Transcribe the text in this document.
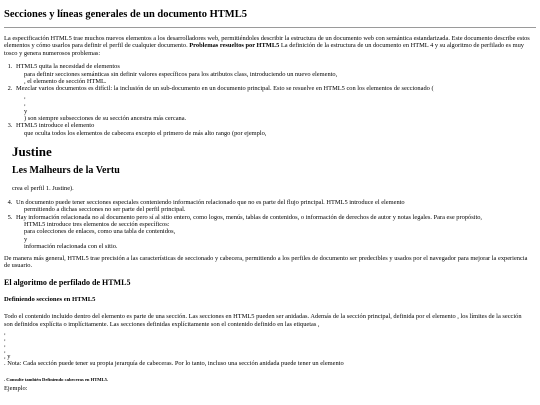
Secciones y líneas generales de un documento HTML5

La especificación HTML5 trae muchos nuevos elementos a los desarrolladores web, permitiéndoles describir la estructura de un documento web con semántica estandarizada. Este documento describe estos elementos y cómo usarlos para definir el perfil de cualquier documento. Problemas resueltos por HTML5 La definición de la estructura de un documento en HTML 4 y su algoritmo de perfilado es muy tosco y genera numerosos problemas:

1. HTML5 quita la necesidad de elementos
para definir secciones semánticas sin definir valores específicos para los atributos class, introduciendo un nuevo elemento,
, el elemento de sección HTML.
2. Mezclar varios documentos es difícil: la inclusión de un sub-documento en un documento principal. Esto se resuelve en HTML5 con los elementos de seccionado (
,
,
y
) son siempre subsecciones de su sección ancestra más cercana.
3. HTML5 introduce el elemento
que oculta todos los elementos de cabecera excepto el primero de más alto rango (por ejemplo,
Justine
Les Malheurs de la Vertu
crea el perfil 1. Justine).
4. Un documento puede tener secciones especiales conteniendo información relacionado que no es parte del flujo principal. HTML5 introduce el elemento
permitiendo a dichas secciones no ser parte del perfil principal.
5. Hay información relacionada no al documento pero sí al sitio entero, como logos, menús, tablas de contenidos, o información de derechos de autor y notas legales. Para ese propósito,
HTML5 introduce tres elementos de sección específicos:
para colecciones de enlaces, como una tabla de contenidos,
y
información relacionada con el sitio.

De manera más general, HTML5 trae precisión a las características de seccionado y cabecera, permitiendo a los perfiles de documento ser predecibles y usados por el navegador para mejorar la experiencia de usuario.

El algoritmo de perfilado de HTML5
Definiendo secciones en HTML5

Todo el contenido incluido dentro del elemento es parte de una sección. Las secciones en HTML5 pueden ser anidadas. Además de la sección principal, definida por el elemento , los límites de la sección son definidos explícita o implícitamente. Las secciones definidas explícitamente son el contenido definido en las etiquetas ,

,
,
,
,
, y

. Nota: Cada sección puede tener su propia jerarquía de cabeceras. Por lo tanto, incluso una sección anidada puede tener un elemento

. Consulte también Definiendo cabeceras en HTML5.
Ejemplo:
